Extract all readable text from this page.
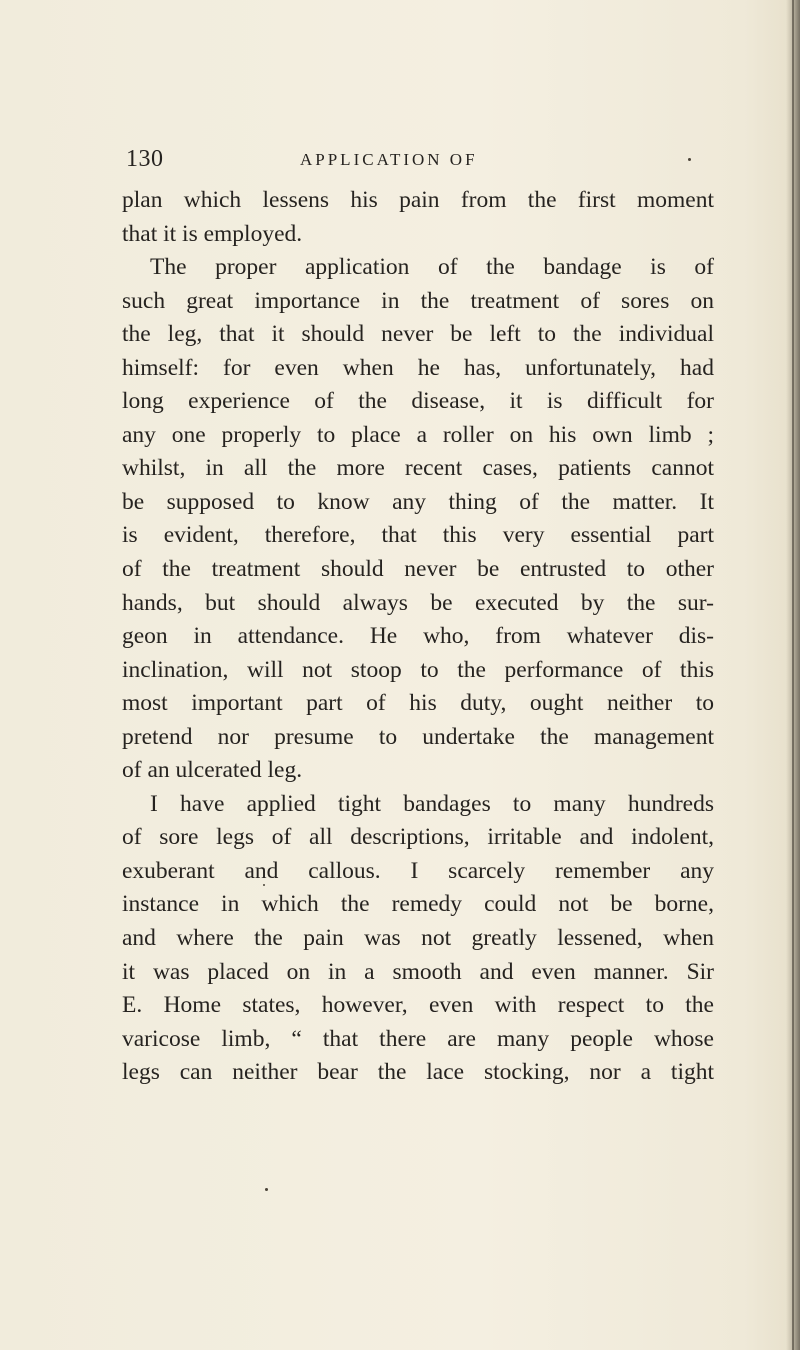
130	APPLICATION OF
plan which lessens his pain from the first moment
that it is employed.
The proper application of the bandage is of
such great importance in the treatment of sores on
the leg, that it should never be left to the individual
himself: for even when he has, unfortunately, had
long experience of the disease, it is difficult for
any one properly to place a roller on his own limb ;
whilst, in all the more recent cases, patients cannot
be supposed to know any thing of the matter. It
is evident, therefore, that this very essential part
of the treatment should never be entrusted to other
hands, but should always be executed by the sur-
geon in attendance. He who, from whatever dis-
inclination, will not stoop to the performance of this
most important part of his duty, ought neither to
pretend nor presume to undertake the management
of an ulcerated leg.
I have applied tight bandages to many hundreds
of sore legs of all descriptions, irritable and indolent,
exuberant and callous. I scarcely remember any
instance in which the remedy could not be borne,
and where the pain was not greatly lessened, when
it was placed on in a smooth and even manner. Sir
E. Home states, however, even with respect to the
varicose limb, “ that there are many people whose
legs can neither bear the lace stocking, nor a tight
